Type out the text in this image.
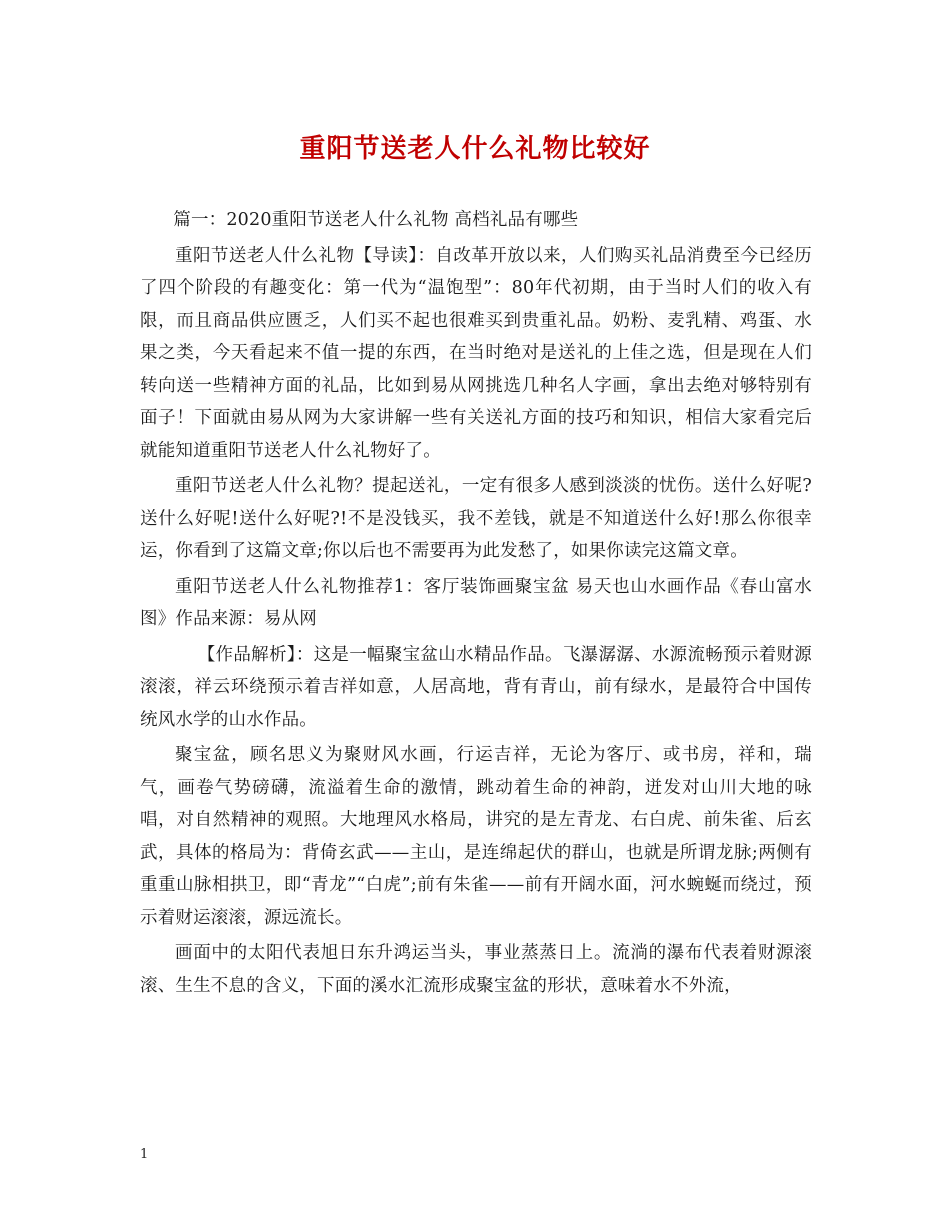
重阳节送老人什么礼物比较好

篇一：2020重阳节送老人什么礼物 高档礼品有哪些

重阳节送老人什么礼物【导读】：自改革开放以来，人们购买礼品消费至今已经历了四个阶段的有趣变化：第一代为“温饱型”：80年代初期，由于当时人们的收入有限，而且商品供应匮乏，人们买不起也很难买到贵重礼品。奶粉、麦乳精、鸡蛋、水果之类，今天看起来不值一提的东西，在当时绝对是送礼的上佳之选，但是现在人们转向送一些精神方面的礼品，比如到易从网挑选几种名人字画，拿出去绝对够特别有面子！下面就由易从网为大家讲解一些有关送礼方面的技巧和知识，相信大家看完后就能知道重阳节送老人什么礼物好了。

重阳节送老人什么礼物？提起送礼，一定有很多人感到淡淡的忧伤。送什么好呢?送什么好呢!送什么好呢?!不是没钱买，我不差钱，就是不知道送什么好!那么你很幸运，你看到了这篇文章;你以后也不需要再为此发愁了，如果你读完这篇文章。

重阳节送老人什么礼物推荐1：客厅装饰画聚宝盆 易天也山水画作品《春山富水图》作品来源：易从网

【作品解析】：这是一幅聚宝盆山水精品作品。飞瀑潺潺、水源流畅预示着财源滚滚，祥云环绕预示着吉祥如意，人居高地，背有青山，前有绿水，是最符合中国传统风水学的山水作品。

聚宝盆，顾名思义为聚财风水画，行运吉祥，无论为客厅、或书房，祥和，瑞气，画卷气势磅礴，流溢着生命的激情，跳动着生命的神韵，迸发对山川大地的咏唱，对自然精神的观照。大地理风水格局，讲究的是左青龙、右白虎、前朱雀、后玄武，具体的格局为：背倚玄武——主山，是连绵起伏的群山，也就是所谓龙脉;两侧有重重山脉相拱卫，即“青龙”“白虎”;前有朱雀——前有开阔水面，河水蜿蜒而绕过，预示着财运滚滚，源远流长。

画面中的太阳代表旭日东升鸿运当头，事业蒸蒸日上。流淌的瀑布代表着财源滚滚、生生不息的含义，下面的溪水汇流形成聚宝盆的形状，意味着水不外流，

1
